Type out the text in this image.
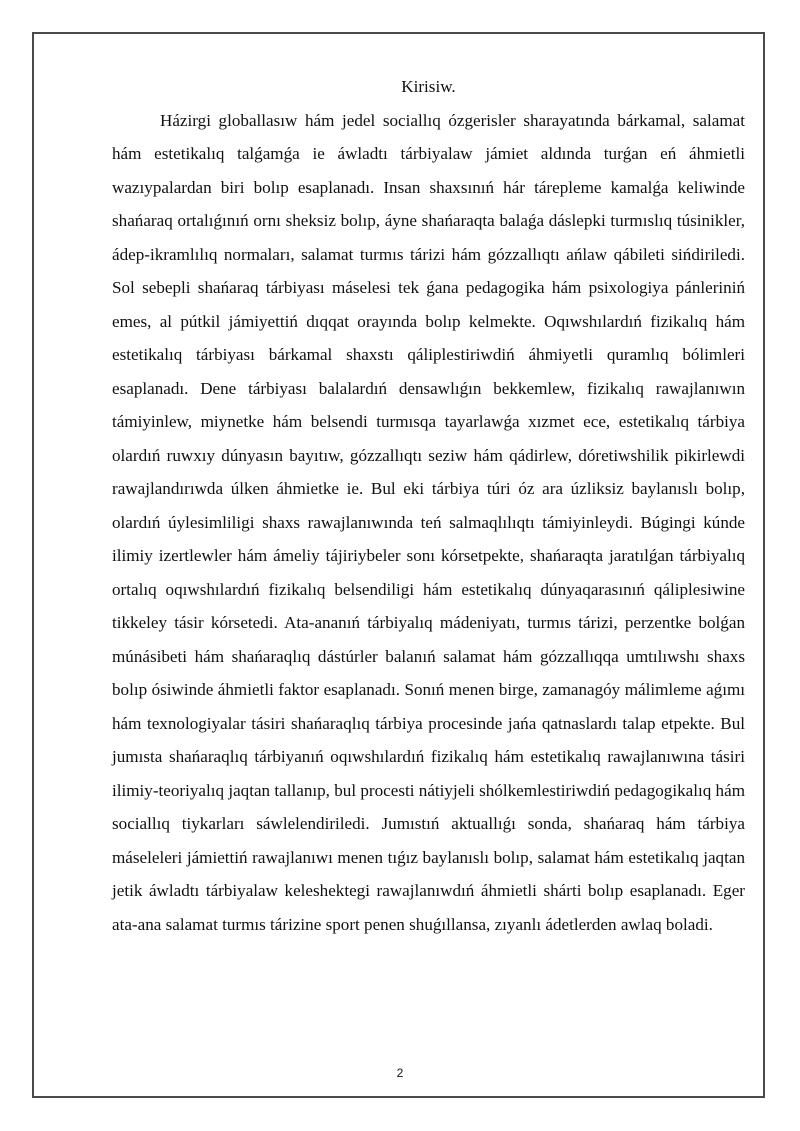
Kirisiw.

Házirgi globallasıw hám jedel sociallıq ózgerisler sharayatında bárkamal, salamat hám estetikalıq talǵamǵa ie áwladtı tárbiyalaw jámiet aldında turǵan eń áhmietli wazıypalardan biri bolıp esaplanadı. Insan shaxsınıń hár tárepleme kamalǵa keliwinde shańaraq ortalıǵınıń ornı sheksiz bolıp, áyne shańaraqta balaǵa dáslepki turmıslıq túsinikler, ádep-ikramlılıq normaları, salamat turmıs tárizi hám gózzallıqtı ańlaw qábileti sińdiriledi. Sol sebepli shańaraq tárbiyası máselesi tek ǵana pedagogika hám psixologiya pánleriniń emes, al pútkil jámiyettiń dıqqat orayında bolıp kelmekte. Oqıwshılardıń fizikalıq hám estetikalıq tárbiyası bárkamal shaxstı qáliplestiriwdiń áhmiyetli quramlıq bólimleri esaplanadı. Dene tárbiyası balalardıń densawlıǵın bekkemlew, fizikalıq rawajlanıwın támiyinlew, miynetke hám belsendi turmısqa tayarlawǵa xızmet ece, estetikalıq tárbiya olardıń ruwxıy dúnyasın bayıtıw, gózzallıqtı seziw hám qádirlew, dóretiwshilik pikirlewdi rawajlandırıwda úlken áhmietke ie. Bul eki tárbiya túri óz ara úzliksiz baylanıslı bolıp, olardıń úylesimliligi shaxs rawajlanıwında teń salmaqlılıqtı támiyinleydi. Búgingi kúnde ilimiy izertlewler hám ámeliy tájiriybeler sonı kórsetpekte, shańaraqta jaratılǵan tárbiyalıq ortalıq oqıwshılardıń fizikalıq belsendiligi hám estetikalıq dúnyaqarasınıń qáliplesiwine tikkeley tásir kórsetedi. Ata-ananıń tárbiyalıq mádeniyatı, turmıs tárizi, perzentke bolǵan múnásibeti hám shańaraqlıq dástúrler balanıń salamat hám gózzallıqqa umtılıwshı shaxs bolıp ósiwinde áhmietli faktor esaplanadı. Sonıń menen birge, zamanagóy málimleme aǵımı hám texnologiyalar tásiri shańaraqlıq tárbiya procesinde jańa qatnaslardı talap etpekte. Bul jumısta shańaraqlıq tárbiyanıń oqıwshılardıń fizikalıq hám estetikalıq rawajlanıwına tásiri ilimiy-teoriyalıq jaqtan tallanıp, bul procesti nátiyjeli shólkemlestiriwdiń pedagogikalıq hám sociallıq tiykarları sáwlelendiriledi. Jumıstıń aktuallıǵı sonda, shańaraq hám tárbiya máseleleri jámiettiń rawajlanıwı menen tıǵız baylanıslı bolıp, salamat hám estetikalıq jaqtan jetik áwladtı tárbiyalaw keleshektegi rawajlanıwdıń áhmietli shárti bolıp esaplanadı. Eger ata-ana salamat turmıs tárizine sport penen shuǵıllansa, zıyanlı ádetlerden awlaq boladi.

2
